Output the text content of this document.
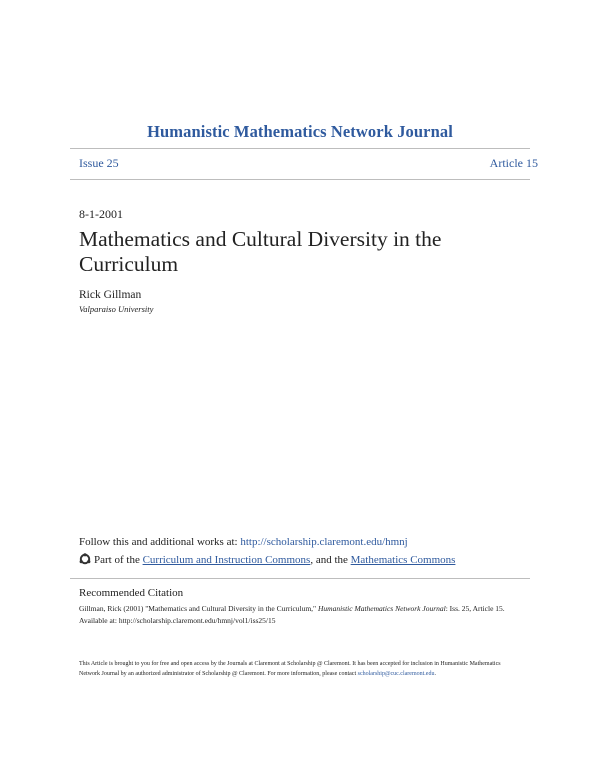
Humanistic Mathematics Network Journal
Issue 25	Article 15
8-1-2001
Mathematics and Cultural Diversity in the Curriculum
Rick Gillman
Valparaiso University
Follow this and additional works at: http://scholarship.claremont.edu/hmnj
Part of the Curriculum and Instruction Commons, and the Mathematics Commons
Recommended Citation
Gillman, Rick (2001) "Mathematics and Cultural Diversity in the Curriculum," Humanistic Mathematics Network Journal: Iss. 25, Article 15.
Available at: http://scholarship.claremont.edu/hmnj/vol1/iss25/15
This Article is brought to you for free and open access by the Journals at Claremont at Scholarship @ Claremont. It has been accepted for inclusion in Humanistic Mathematics Network Journal by an authorized administrator of Scholarship @ Claremont. For more information, please contact scholarship@cuc.claremont.edu.
